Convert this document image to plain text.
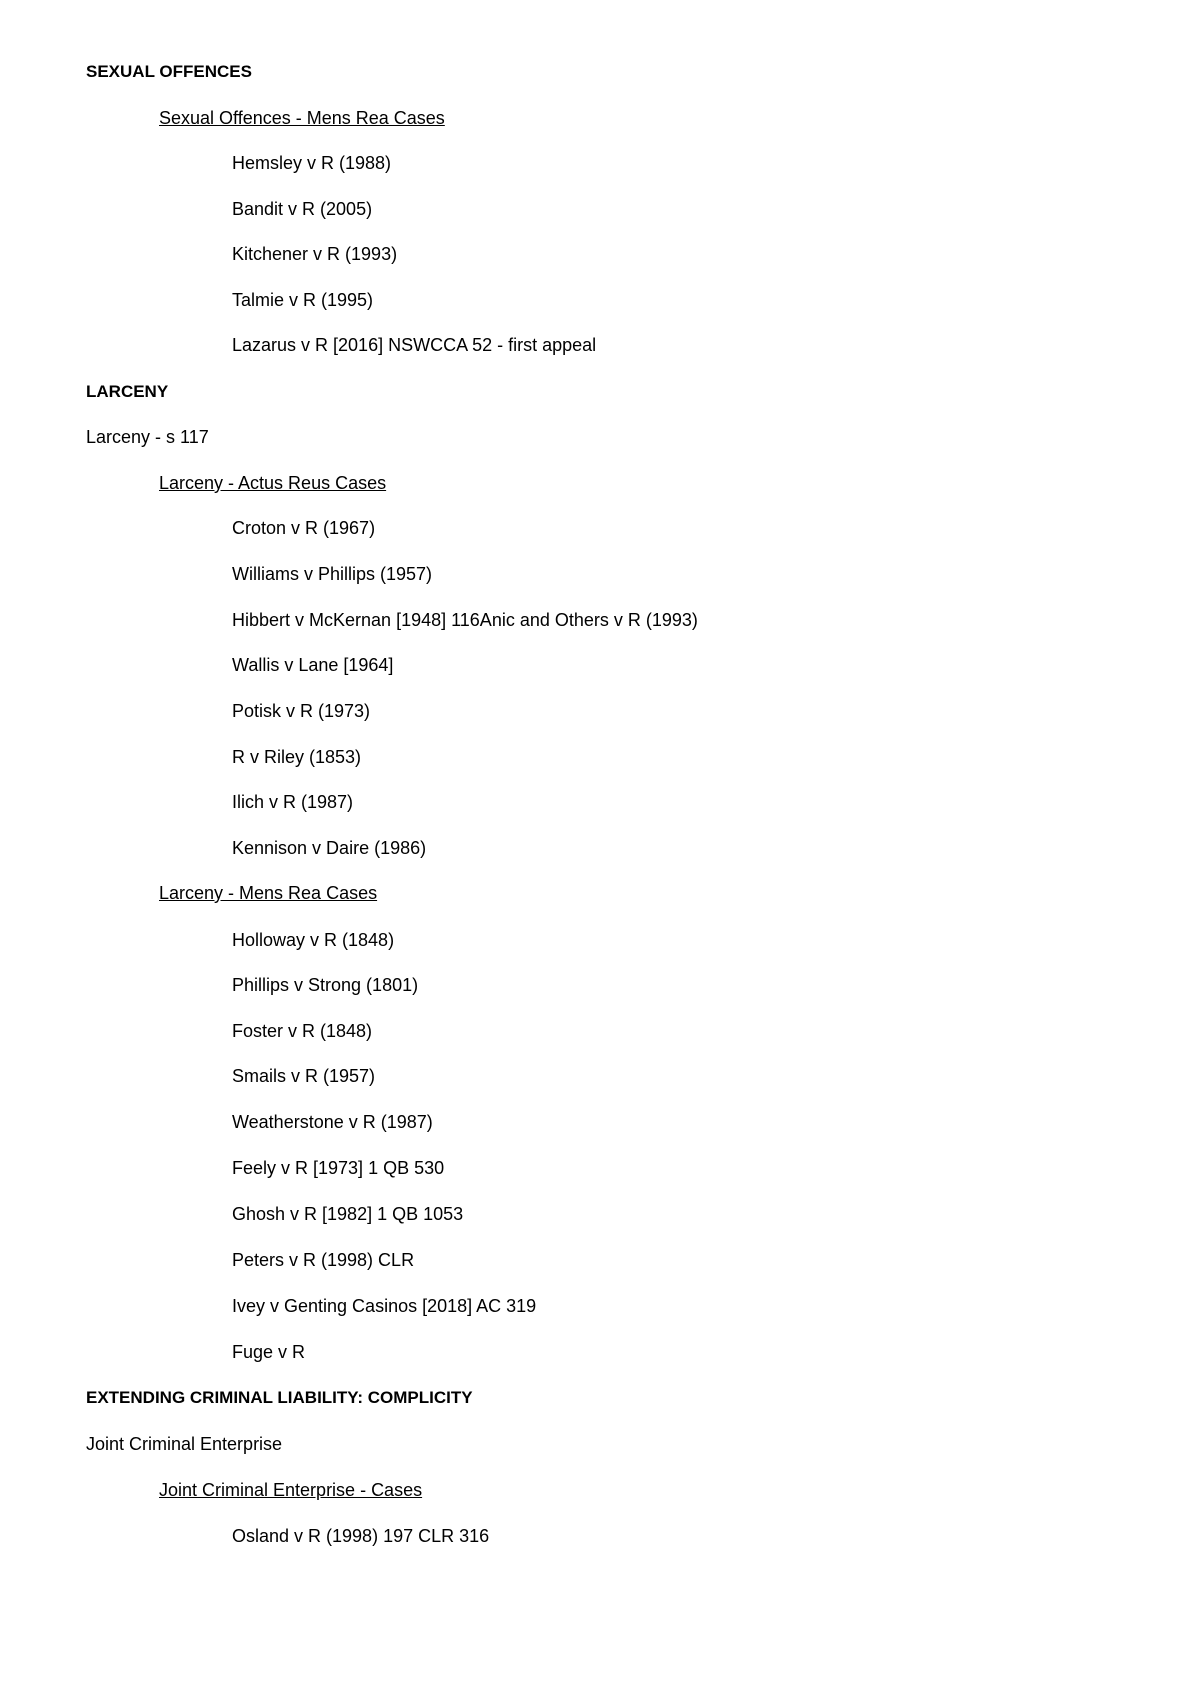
SEXUAL OFFENCES
Sexual Offences - Mens Rea Cases
Hemsley v R (1988)
Bandit v R (2005)
Kitchener v R (1993)
Talmie v R (1995)
Lazarus v R [2016] NSWCCA 52 - first appeal
LARCENY
Larceny - s 117
Larceny - Actus Reus Cases
Croton v R (1967)
Williams v Phillips (1957)
Hibbert v McKernan [1948] 116Anic and Others v R (1993)
Wallis v Lane [1964]
Potisk v R (1973)
R v Riley (1853)
Ilich v R (1987)
Kennison v Daire (1986)
Larceny - Mens Rea Cases
Holloway v R (1848)
Phillips v Strong (1801)
Foster v R (1848)
Smails v R (1957)
Weatherstone v R (1987)
Feely v R [1973] 1 QB 530
Ghosh v R [1982] 1 QB 1053
Peters v R (1998) CLR
Ivey v Genting Casinos [2018] AC 319
Fuge v R
EXTENDING CRIMINAL LIABILITY: COMPLICITY
Joint Criminal Enterprise
Joint Criminal Enterprise - Cases
Osland v R (1998) 197 CLR 316
